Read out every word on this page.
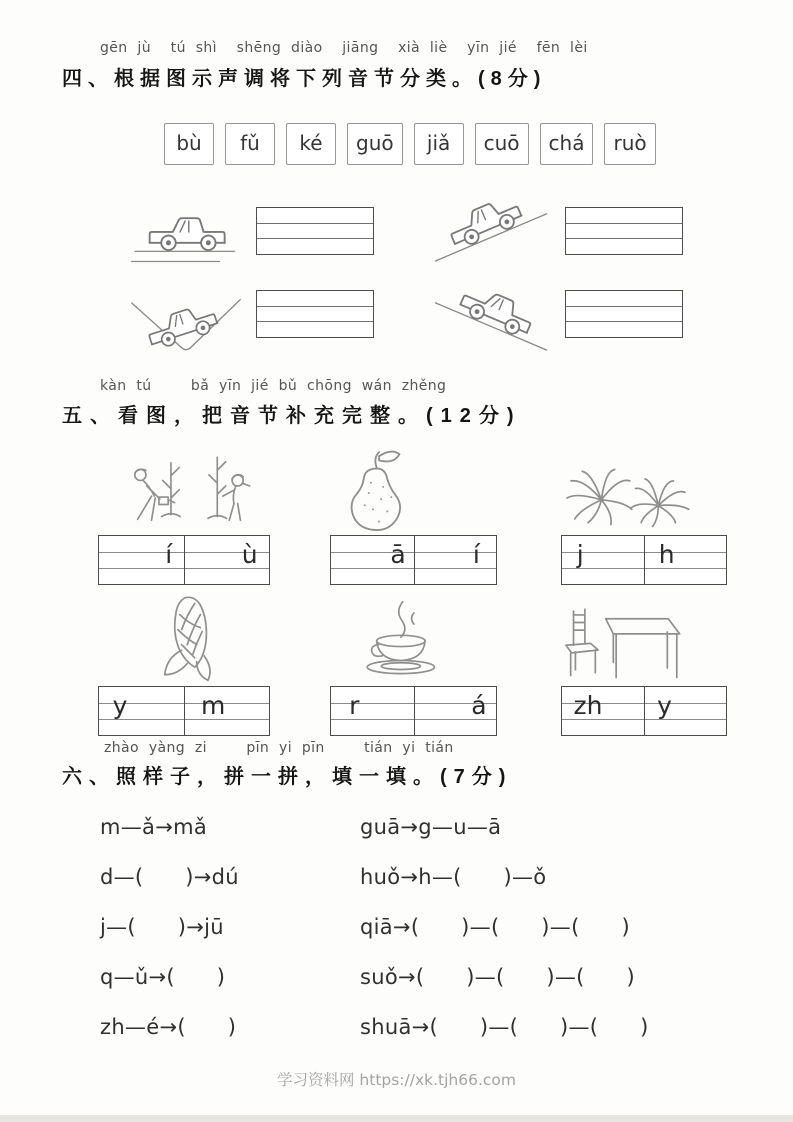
gēn jù  tú shì  shēng diào  jiāng  xià liè  yīn jié  fēn lèi
四、根据图示声调将下列音节分类。(8分)
bù	fǔ	ké	guō	jiǎ	cuō	chá	ruò
kàn tú    bǎ yīn jié bǔ chōng wán zhěng
五、看图，把音节补充完整。(12分)
í	ù	ā	í	j	h
y	m	r	á	zh y
zhào yàng zi    pīn yi pīn    tián yi tián
六、照样子，拼一拼，填一填。(7分)
m—ǎ→mǎ
d—(      )→dú
j—(      )→jū
q—ǔ→(      )
zh—é→(      )
guā→g—u—ā
huǒ→h—(      )—ǒ
qiā→(      )—(      )—(      )
suǒ→(      )—(      )—(      )
shuā→(      )—(      )—(      )
学习资料网 https://xk.tjh66.com
